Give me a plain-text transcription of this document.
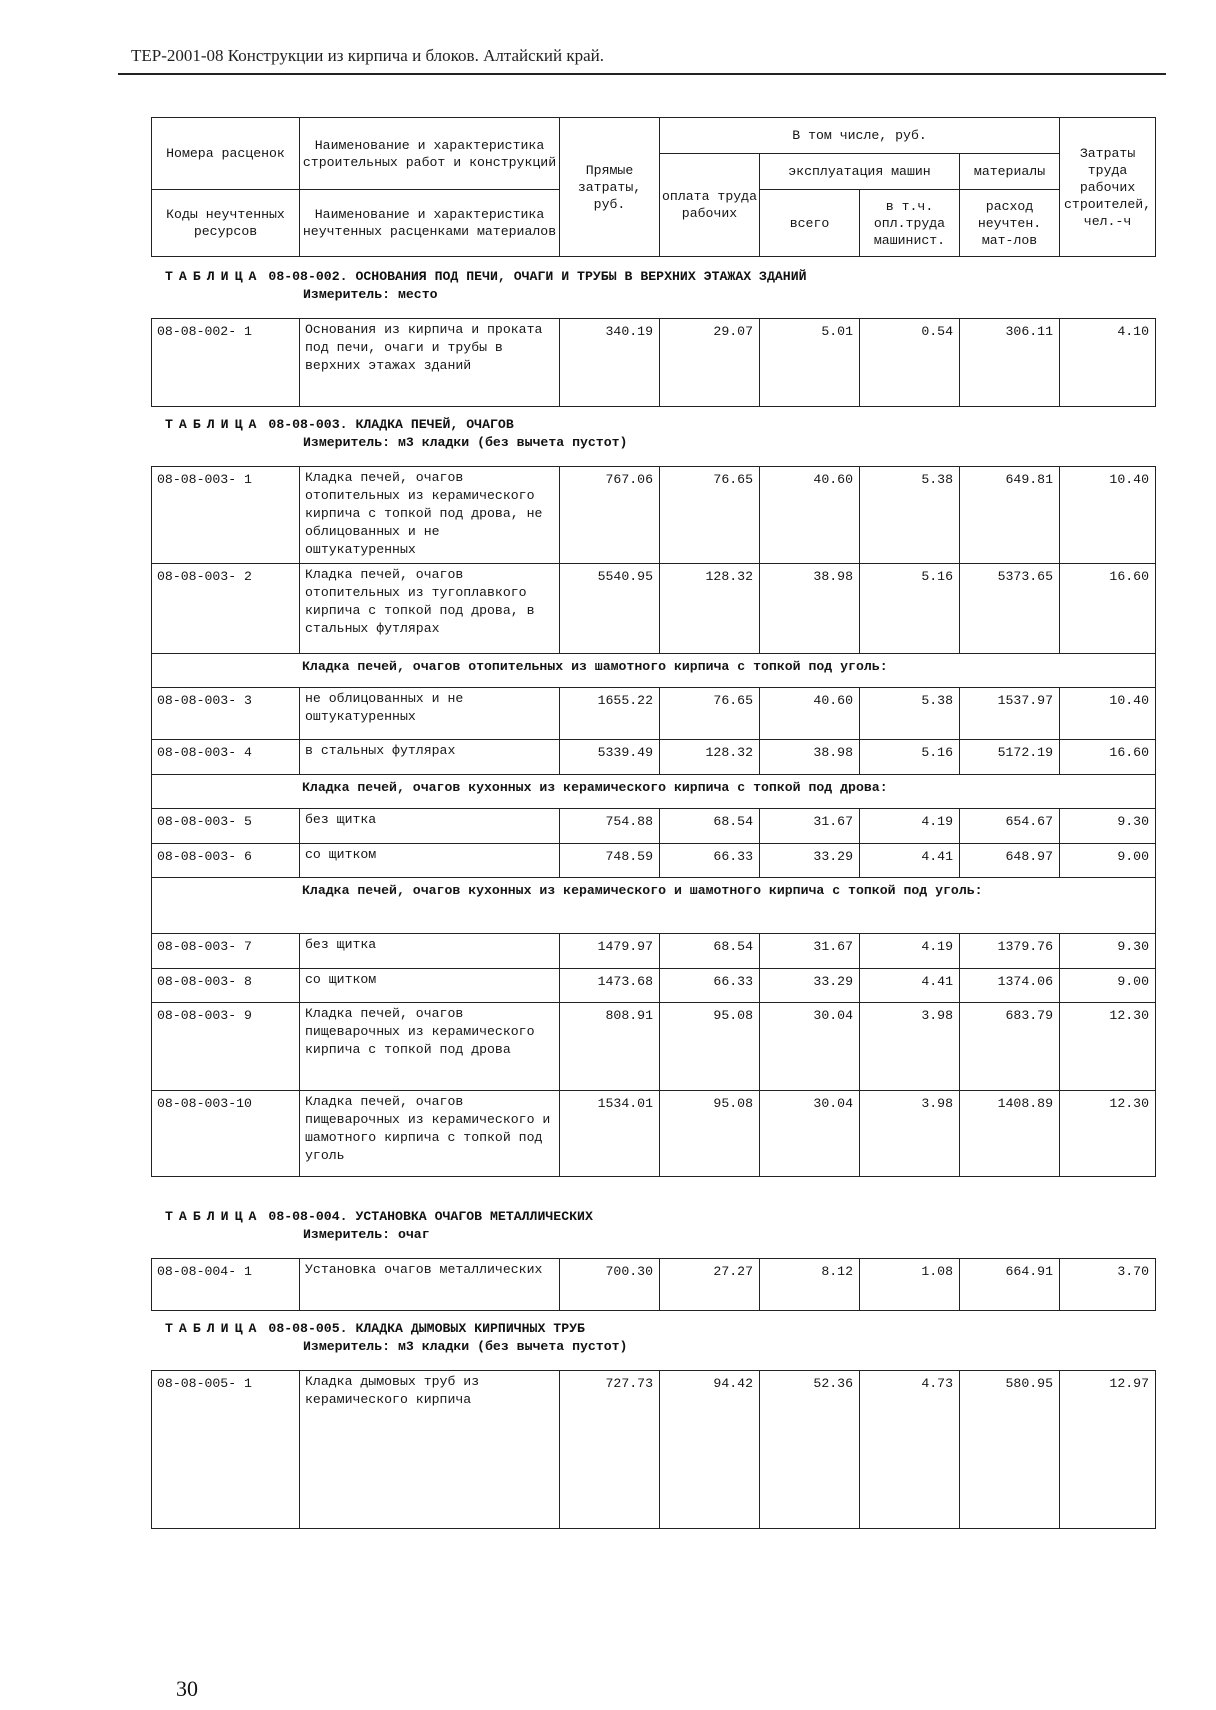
ТЕР-2001-08 Конструкции из кирпича и блоков. Алтайский край.
Номера расценок	Наименование и характеристика строительных работ и конструкций	Прямые затраты, руб.	В том числе, руб.				Затраты труда рабочих строителей, чел.-ч
			оплата труда рабочих	эксплуатация машин		материалы	
Коды неучтенных ресурсов	Наименование и характеристика неучтенных расценками материалов			всего	в т.ч. опл.труда машинист.	расход неучтен. мат-лов	

ТАБЛИЦА 08-08-002. ОСНОВАНИЯ ПОД ПЕЧИ, ОЧАГИ И ТРУБЫ В ВЕРХНИХ ЭТАЖАХ ЗДАНИЙ
Измеритель: место
08-08-002- 1	Основания из кирпича и проката под печи, очаги и трубы в верхних этажах зданий	340.19	29.07	5.01	0.54	306.11	4.10
ТАБЛИЦА 08-08-003. КЛАДКА ПЕЧЕЙ, ОЧАГОВ
Измеритель: м3 кладки (без вычета пустот)
08-08-003- 1	Кладка печей, очагов отопительных из керамического кирпича с топкой под дрова, не облицованных и не оштукатуренных	767.06	76.65	40.60	5.38	649.81	10.40
08-08-003- 2	Кладка печей, очагов отопительных из тугоплавкого кирпича с топкой под дрова, в стальных футлярах	5540.95	128.32	38.98	5.16	5373.65	16.60
Кладка печей, очагов отопительных из шамотного кирпича с топкой под уголь:							
08-08-003- 3	не облицованных и не оштукатуренных	1655.22	76.65	40.60	5.38	1537.97	10.40
08-08-003- 4	в стальных футлярах	5339.49	128.32	38.98	5.16	5172.19	16.60
Кладка печей, очагов кухонных из керамического кирпича с топкой под дрова:							
08-08-003- 5	без щитка	754.88	68.54	31.67	4.19	654.67	9.30
08-08-003- 6	со щитком	748.59	66.33	33.29	4.41	648.97	9.00
Кладка печей, очагов кухонных из керамического и шамотного кирпича с топкой под уголь:							
08-08-003- 7	без щитка	1479.97	68.54	31.67	4.19	1379.76	9.30
08-08-003- 8	со щитком	1473.68	66.33	33.29	4.41	1374.06	9.00
08-08-003- 9	Кладка печей, очагов пищеварочных из керамического кирпича с топкой под дрова	808.91	95.08	30.04	3.98	683.79	12.30
08-08-003-10	Кладка печей, очагов пищеварочных из керамического и шамотного кирпича с топкой под уголь	1534.01	95.08	30.04	3.98	1408.89	12.30
ТАБЛИЦА 08-08-004. УСТАНОВКА ОЧАГОВ МЕТАЛЛИЧЕСКИХ
Измеритель: очаг
08-08-004- 1	Установка очагов металлических	700.30	27.27	8.12	1.08	664.91	3.70
ТАБЛИЦА 08-08-005. КЛАДКА ДЫМОВЫХ КИРПИЧНЫХ ТРУБ
Измеритель: м3 кладки (без вычета пустот)
08-08-005- 1	Кладка дымовых труб из керамического кирпича	727.73	94.42	52.36	4.73	580.95	12.97
30
